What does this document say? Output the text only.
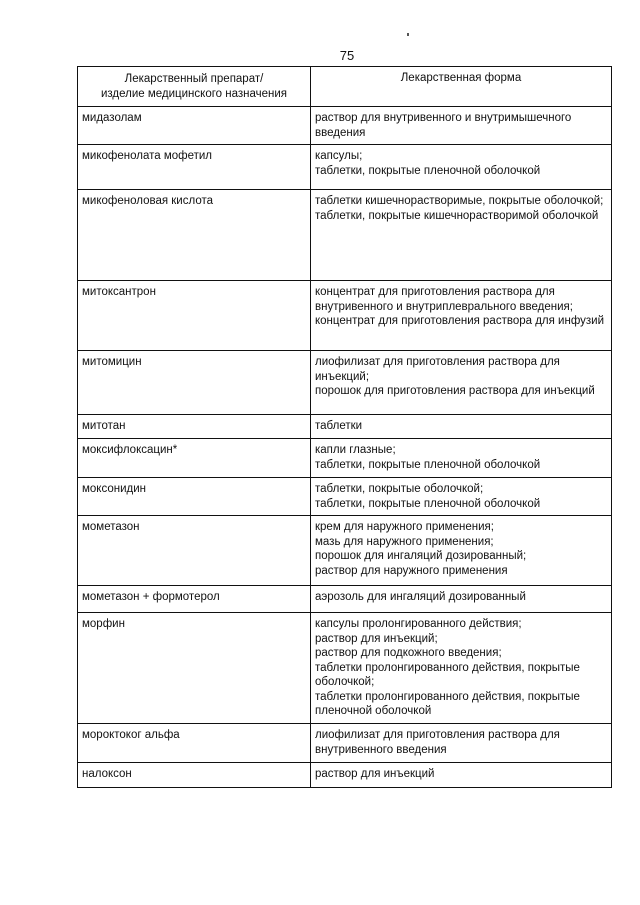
75
Лекарственный препарат/
изделие медицинского назначения	Лекарственная форма
мидазолам	раствор для внутривенного и внутримышечного введения

микофенолата мофетил	капсулы;
таблетки, покрытые пленочной оболочкой

микофеноловая кислота	таблетки кишечнорастворимые, покрытые оболочкой;
таблетки, покрытые кишечнорастворимой оболочкой

митоксантрон	концентрат для приготовления раствора для внутривенного и внутриплеврального введения;
концентрат для приготовления раствора для инфузий

митомицин	лиофилизат для приготовления раствора для инъекций;
порошок для приготовления раствора для инъекций

митотан	таблетки

моксифлоксацин*	капли глазные;
таблетки, покрытые пленочной оболочкой

моксонидин	таблетки, покрытые оболочкой;
таблетки, покрытые пленочной оболочкой

мометазон	крем для наружного применения;
мазь для наружного применения;
порошок для ингаляций дозированный;
раствор для наружного применения

мометазон + формотерол	аэрозоль для ингаляций дозированный

морфин	капсулы пролонгированного действия;
раствор для инъекций;
раствор для подкожного введения;
таблетки пролонгированного действия, покрытые оболочкой;
таблетки пролонгированного действия, покрытые пленочной оболочкой

мороктоког альфа	лиофилизат для приготовления раствора для внутривенного введения

налоксон	раствор для инъекций
